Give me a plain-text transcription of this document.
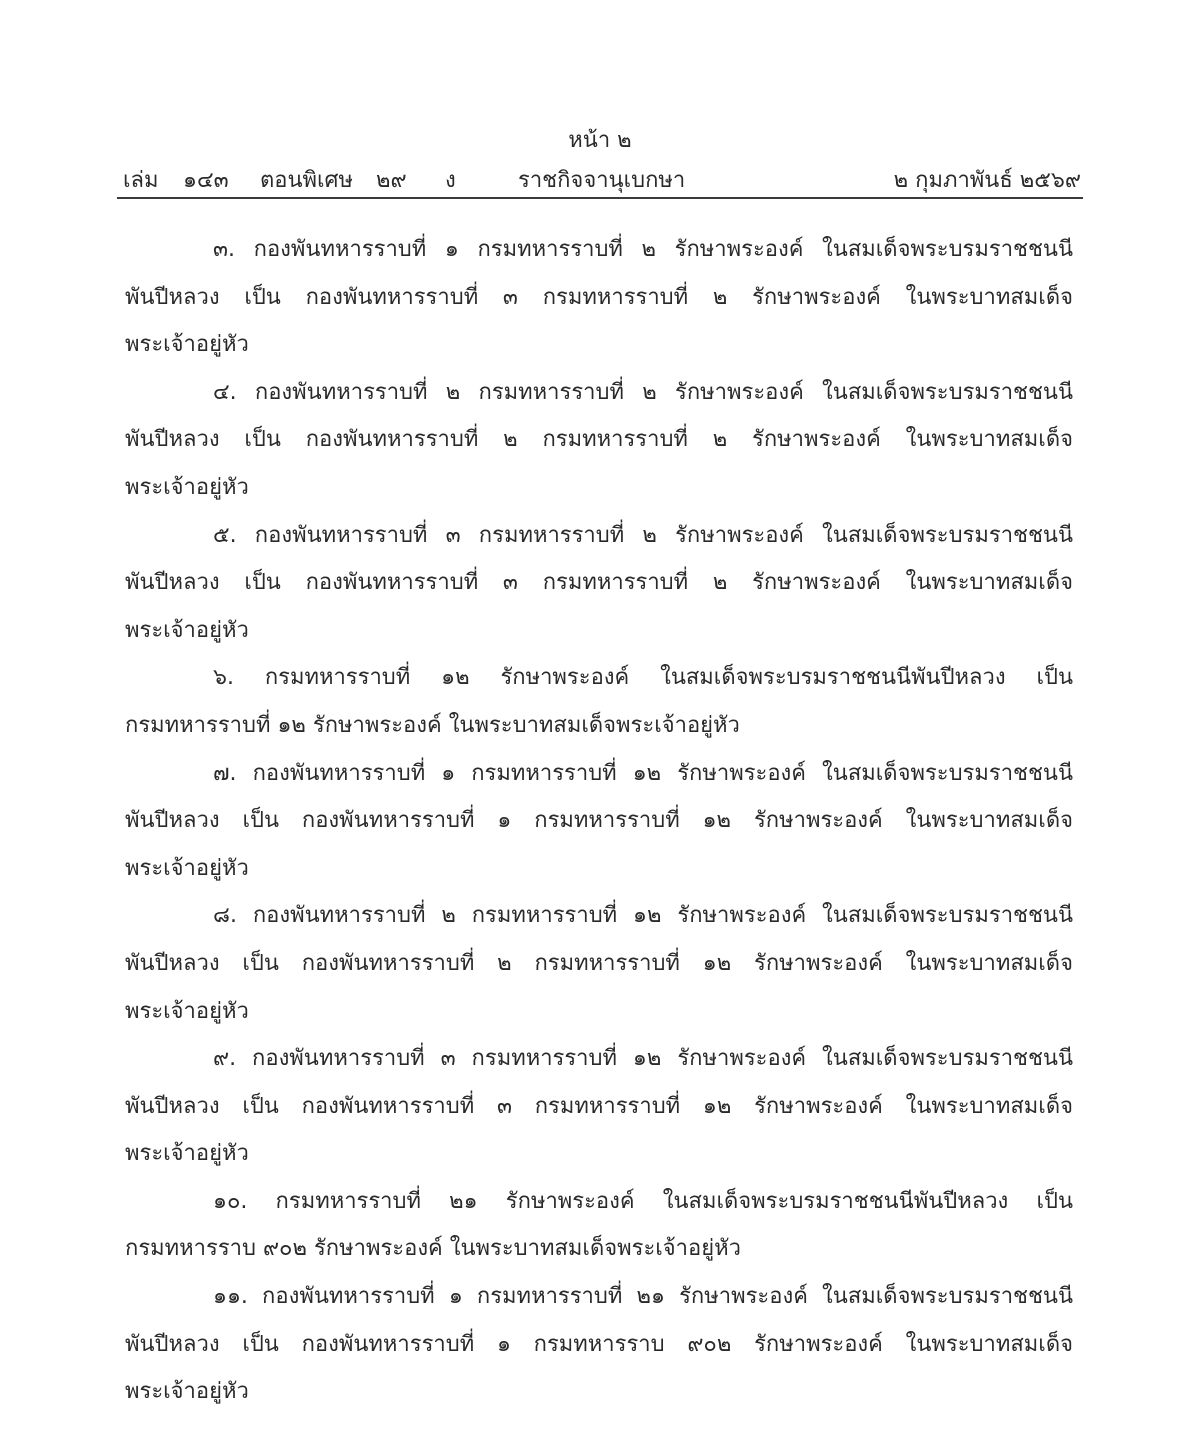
หน้า ๒
เล่ม ๑๔๓ ตอนพิเศษ ๒๙ ง	ราชกิจจานุเบกษา	๒ กุมภาพันธ์ ๒๕๖๙
๓. กองพันทหารราบที่ ๑ กรมทหารราบที่ ๒ รักษาพระองค์ ในสมเด็จพระบรมราชชนนี
พันปีหลวง เป็น กองพันทหารราบที่ ๓ กรมทหารราบที่ ๒ รักษาพระองค์ ในพระบาทสมเด็จ
พระเจ้าอยู่หัว
๔. กองพันทหารราบที่ ๒ กรมทหารราบที่ ๒ รักษาพระองค์ ในสมเด็จพระบรมราชชนนี
พันปีหลวง เป็น กองพันทหารราบที่ ๒ กรมทหารราบที่ ๒ รักษาพระองค์ ในพระบาทสมเด็จ
พระเจ้าอยู่หัว
๕. กองพันทหารราบที่ ๓ กรมทหารราบที่ ๒ รักษาพระองค์ ในสมเด็จพระบรมราชชนนี
พันปีหลวง เป็น กองพันทหารราบที่ ๓ กรมทหารราบที่ ๒ รักษาพระองค์ ในพระบาทสมเด็จ
พระเจ้าอยู่หัว
๖. กรมทหารราบที่ ๑๒ รักษาพระองค์ ในสมเด็จพระบรมราชชนนีพันปีหลวง เป็น
กรมทหารราบที่ ๑๒ รักษาพระองค์ ในพระบาทสมเด็จพระเจ้าอยู่หัว
๗. กองพันทหารราบที่ ๑ กรมทหารราบที่ ๑๒ รักษาพระองค์ ในสมเด็จพระบรมราชชนนี
พันปีหลวง เป็น กองพันทหารราบที่ ๑ กรมทหารราบที่ ๑๒ รักษาพระองค์ ในพระบาทสมเด็จ
พระเจ้าอยู่หัว
๘. กองพันทหารราบที่ ๒ กรมทหารราบที่ ๑๒ รักษาพระองค์ ในสมเด็จพระบรมราชชนนี
พันปีหลวง เป็น กองพันทหารราบที่ ๒ กรมทหารราบที่ ๑๒ รักษาพระองค์ ในพระบาทสมเด็จ
พระเจ้าอยู่หัว
๙. กองพันทหารราบที่ ๓ กรมทหารราบที่ ๑๒ รักษาพระองค์ ในสมเด็จพระบรมราชชนนี
พันปีหลวง เป็น กองพันทหารราบที่ ๓ กรมทหารราบที่ ๑๒ รักษาพระองค์ ในพระบาทสมเด็จ
พระเจ้าอยู่หัว
๑๐. กรมทหารราบที่ ๒๑ รักษาพระองค์ ในสมเด็จพระบรมราชชนนีพันปีหลวง เป็น
กรมทหารราบ ๙๐๒ รักษาพระองค์ ในพระบาทสมเด็จพระเจ้าอยู่หัว
๑๑. กองพันทหารราบที่ ๑ กรมทหารราบที่ ๒๑ รักษาพระองค์ ในสมเด็จพระบรมราชชนนี
พันปีหลวง เป็น กองพันทหารราบที่ ๑ กรมทหารราบ ๙๐๒ รักษาพระองค์ ในพระบาทสมเด็จ
พระเจ้าอยู่หัว
